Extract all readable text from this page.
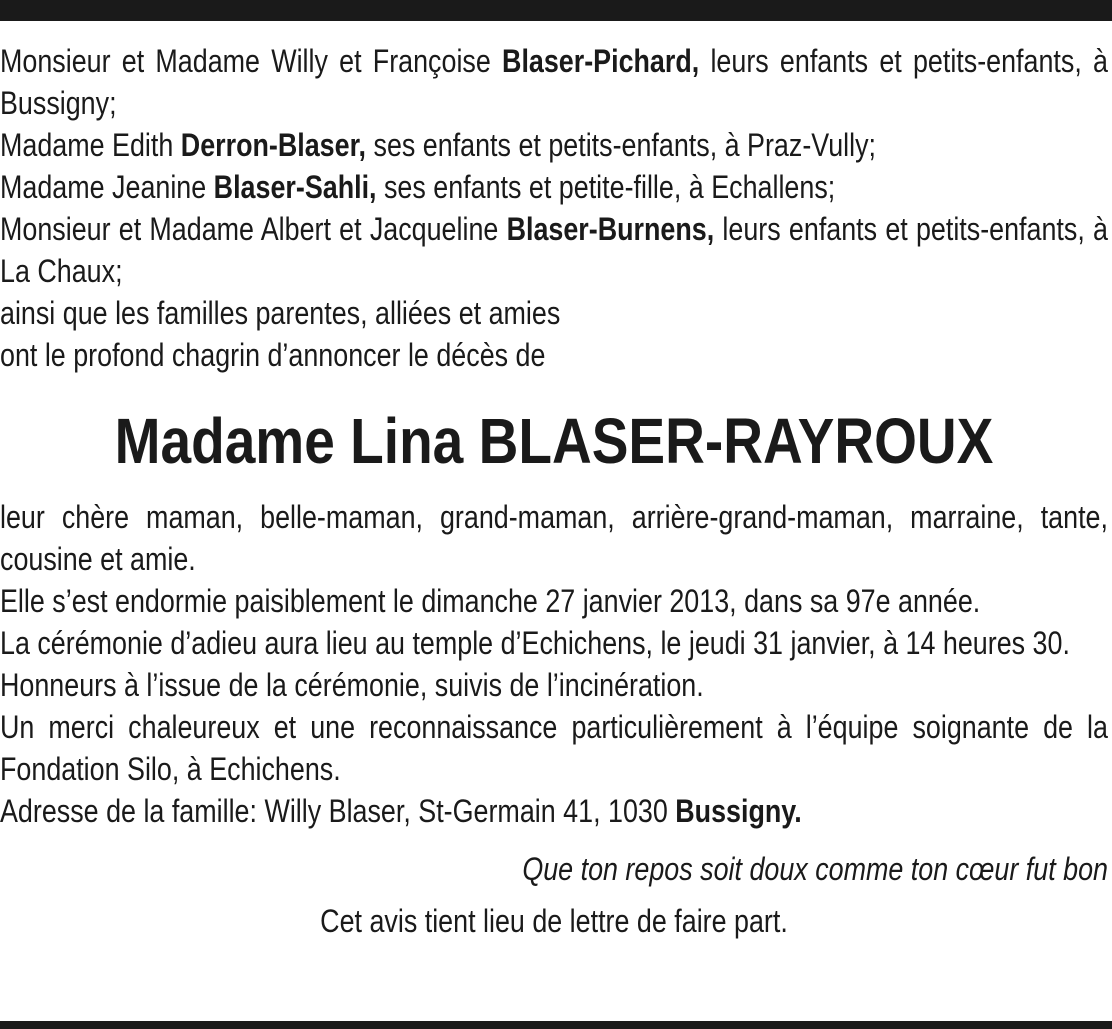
Monsieur et Madame Willy et Françoise Blaser-Pichard, leurs enfants et petits-enfants, à Bussigny;

Madame Edith Derron-Blaser, ses enfants et petits-enfants, à Praz-Vully;

Madame Jeanine Blaser-Sahli, ses enfants et petite-fille, à Echallens;

Monsieur et Madame Albert et Jacqueline Blaser-Burnens, leurs enfants et petits-enfants, à La Chaux;

ainsi que les familles parentes, alliées et amies

ont le profond chagrin d’annoncer le décès de

Madame Lina BLASER-RAYROUX

leur chère maman, belle-maman, grand-maman, arrière-grand-maman, marraine, tante, cousine et amie.

Elle s’est endormie paisiblement le dimanche 27 janvier 2013, dans sa 97e année.

La cérémonie d’adieu aura lieu au temple d’Echichens, le jeudi 31 janvier, à 14 heures 30.

Honneurs à l’issue de la cérémonie, suivis de l’incinération.

Un merci chaleureux et une reconnaissance particulièrement à l’équipe soignante de la Fondation Silo, à Echichens.

Adresse de la famille: Willy Blaser, St-Germain 41, 1030 Bussigny.

Que ton repos soit doux comme ton cœur fut bon
Cet avis tient lieu de lettre de faire part.
